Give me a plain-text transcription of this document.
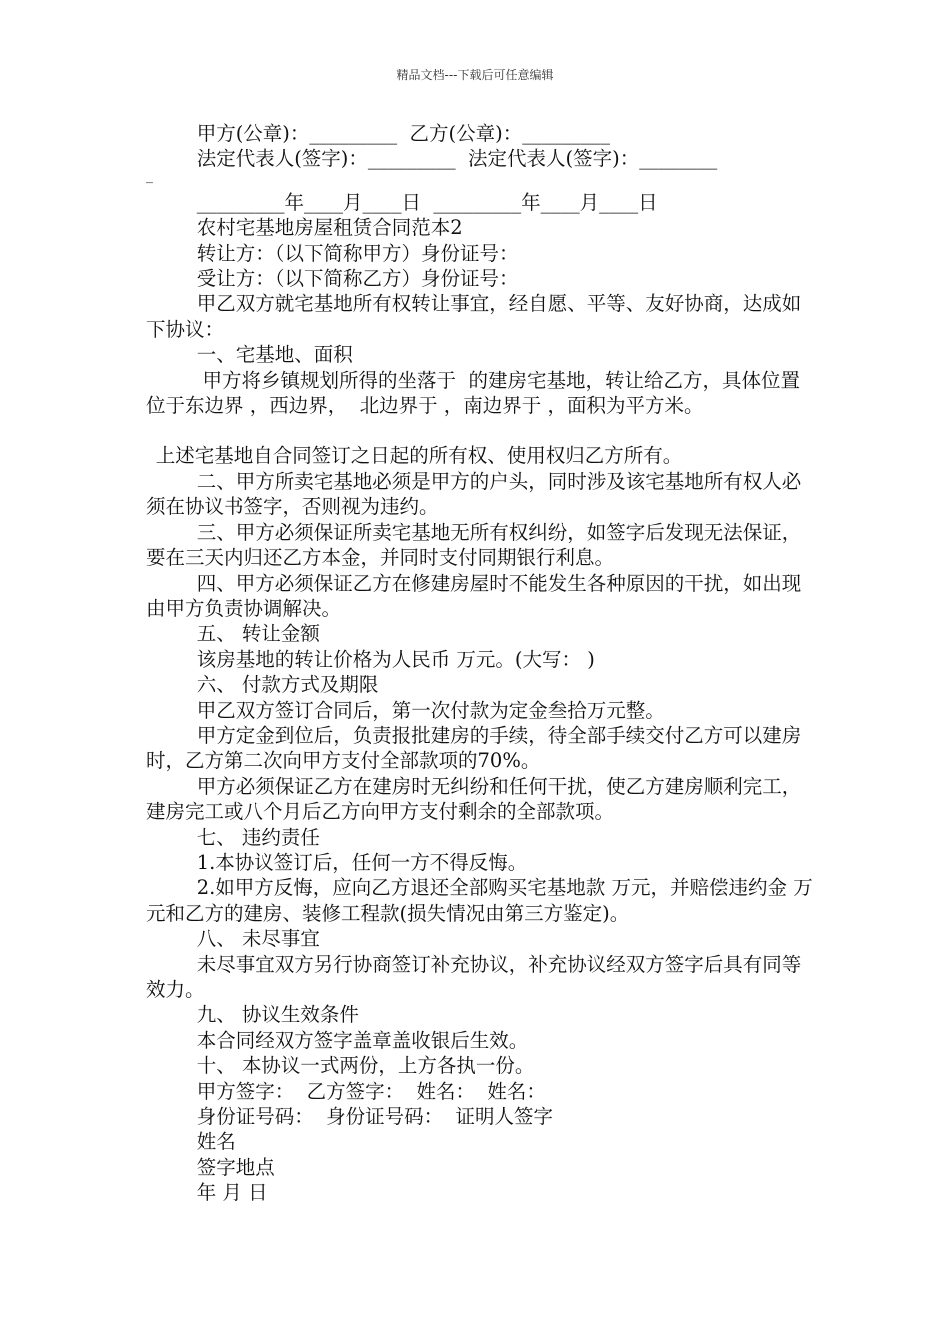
精品文档---下载后可任意编辑

甲方(公章)：_________  乙方(公章)：_________

法定代表人(签字)：_________  法定代表人(签字)：________

_

_________年____月____日  _________年____月____日

农村宅基地房屋租赁合同范本2

转让方：（以下简称甲方）身份证号：

受让方：（以下简称乙方）身份证号：

甲乙双方就宅基地所有权转让事宜，经自愿、平等、友好协商，达成如下协议：

一、宅基地、面积

甲方将乡镇规划所得的坐落于  的建房宅基地，转让给乙方，具体位置位于东边界 ，西边界，  北边界于 ，南边界于 ，面积为平方米。

上述宅基地自合同签订之日起的所有权、使用权归乙方所有。

二、甲方所卖宅基地必须是甲方的户头，同时涉及该宅基地所有权人必须在协议书签字，否则视为违约。

三、甲方必须保证所卖宅基地无所有权纠纷，如签字后发现无法保证，要在三天内归还乙方本金，并同时支付同期银行利息。

四、甲方必须保证乙方在修建房屋时不能发生各种原因的干扰，如出现由甲方负责协调解决。

五、 转让金额

该房基地的转让价格为人民币 万元。(大写： )

六、 付款方式及期限

甲乙双方签订合同后，第一次付款为定金叁拾万元整。

甲方定金到位后，负责报批建房的手续，待全部手续交付乙方可以建房时，乙方第二次向甲方支付全部款项的70%。

甲方必须保证乙方在建房时无纠纷和任何干扰，使乙方建房顺利完工，建房完工或八个月后乙方向甲方支付剩余的全部款项。

七、 违约责任

1.本协议签订后，任何一方不得反悔。

2.如甲方反悔，应向乙方退还全部购买宅基地款 万元，并赔偿违约金 万元和乙方的建房、装修工程款(损失情况由第三方鉴定)。

八、 未尽事宜

未尽事宜双方另行协商签订补充协议，补充协议经双方签字后具有同等效力。

九、 协议生效条件

本合同经双方签字盖章盖收银后生效。

十、 本协议一式两份，上方各执一份。

甲方签字：  乙方签字：  姓名：  姓名：

身份证号码：  身份证号码：  证明人签字

姓名

签字地点

年 月 日
